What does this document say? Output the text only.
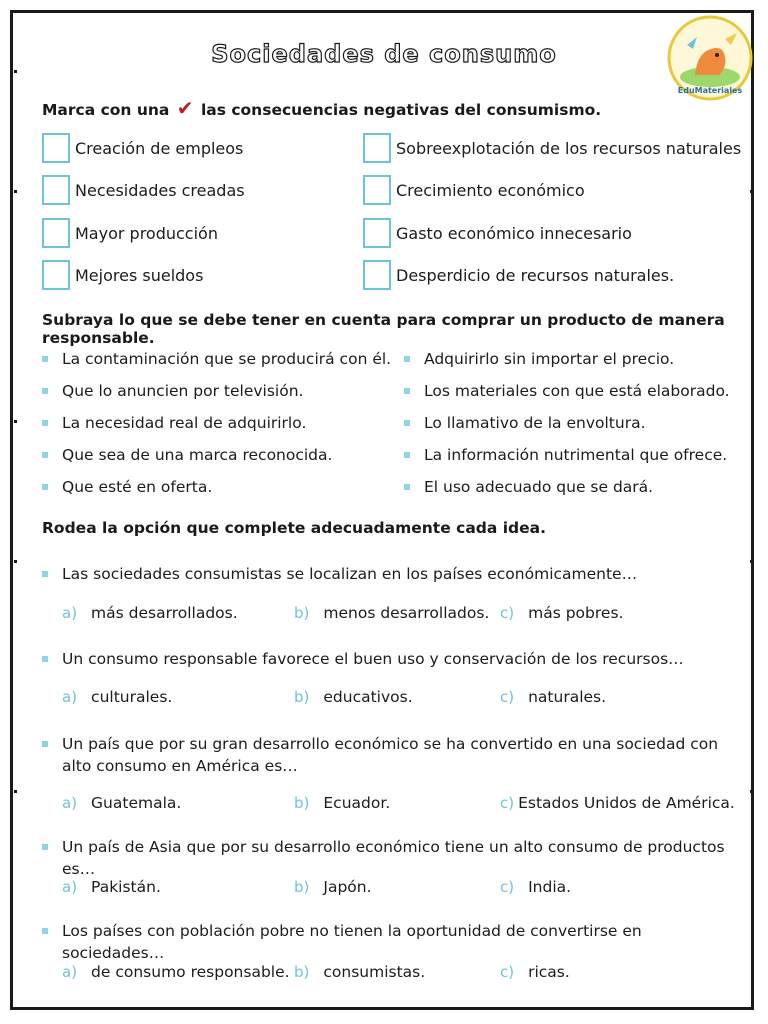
Sociedades de consumo
EduMateriales
Marca con una ✔ las consecuencias negativas del consumismo.
Creación de empleos
Necesidades creadas
Mayor producción
Mejores sueldos
Sobreexplotación de los recursos naturales
Crecimiento económico
Gasto económico innecesario
Desperdicio de recursos naturales.
Subraya lo que se debe tener en cuenta para comprar un producto de manera responsable.
La contaminación que se producirá con él.
Que lo anuncien por televisión.
La necesidad real de adquirirlo.
Que sea de una marca reconocida.
Que esté en oferta.
Adquirirlo sin importar el precio.
Los materiales con que está elaborado.
Lo llamativo de la envoltura.
La información nutrimental que ofrece.
El uso adecuado que se dará.
Rodea la opción que complete adecuadamente cada idea.
Las sociedades consumistas se localizan en los países económicamente…
a) más desarrollados.	b) menos desarrollados. c) más pobres.
Un consumo responsable favorece el buen uso y conservación de los recursos…
a) culturales.	b) educativos.	c) naturales.
Un país que por su gran desarrollo económico se ha convertido en una sociedad con alto consumo en América es…
a) Guatemala.	b) Ecuador.	c) Estados Unidos de América.
Un país de Asia que por su desarrollo económico tiene un alto consumo de productos es…
a) Pakistán.	b) Japón.	c) India.
Los países con población pobre no tienen la oportunidad de convertirse en sociedades…
a) de consumo responsable. b) consumistas.	c) ricas.
